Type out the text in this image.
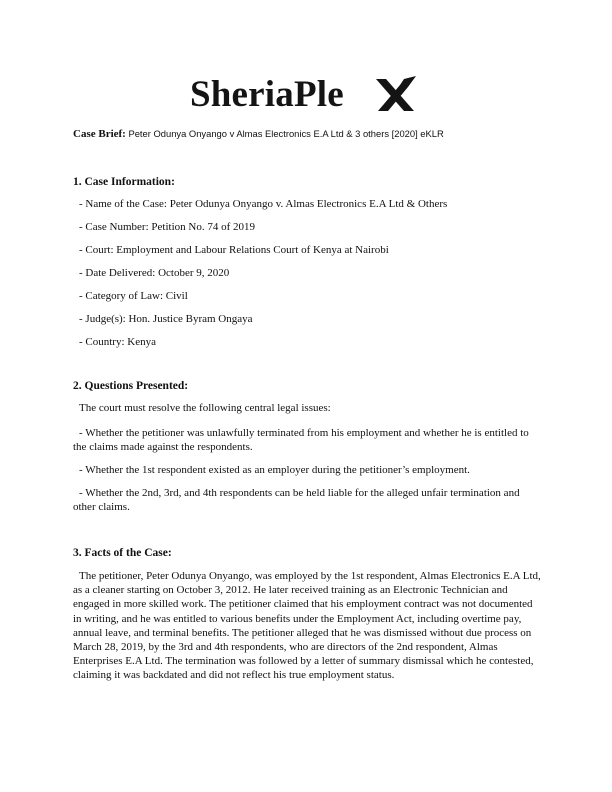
SheriaPle
Case Brief: Peter Odunya Onyango v Almas Electronics E.A Ltd & 3 others [2020] eKLR
1. Case Information:
- Name of the Case: Peter Odunya Onyango v. Almas Electronics E.A Ltd & Others
- Case Number: Petition No. 74 of 2019
- Court: Employment and Labour Relations Court of Kenya at Nairobi
- Date Delivered: October 9, 2020
- Category of Law: Civil
- Judge(s): Hon. Justice Byram Ongaya
- Country: Kenya
2. Questions Presented:
The court must resolve the following central legal issues:
- Whether the petitioner was unlawfully terminated from his employment and whether he is entitled to the claims made against the respondents.
- Whether the 1st respondent existed as an employer during the petitioner’s employment.
- Whether the 2nd, 3rd, and 4th respondents can be held liable for the alleged unfair termination and other claims.
3. Facts of the Case:
The petitioner, Peter Odunya Onyango, was employed by the 1st respondent, Almas Electronics E.A Ltd, as a cleaner starting on October 3, 2012. He later received training as an Electronic Technician and engaged in more skilled work. The petitioner claimed that his employment contract was not documented in writing, and he was entitled to various benefits under the Employment Act, including overtime pay, annual leave, and terminal benefits. The petitioner alleged that he was dismissed without due process on March 28, 2019, by the 3rd and 4th respondents, who are directors of the 2nd respondent, Almas Enterprises E.A Ltd. The termination was followed by a letter of summary dismissal which he contested, claiming it was backdated and did not reflect his true employment status.
